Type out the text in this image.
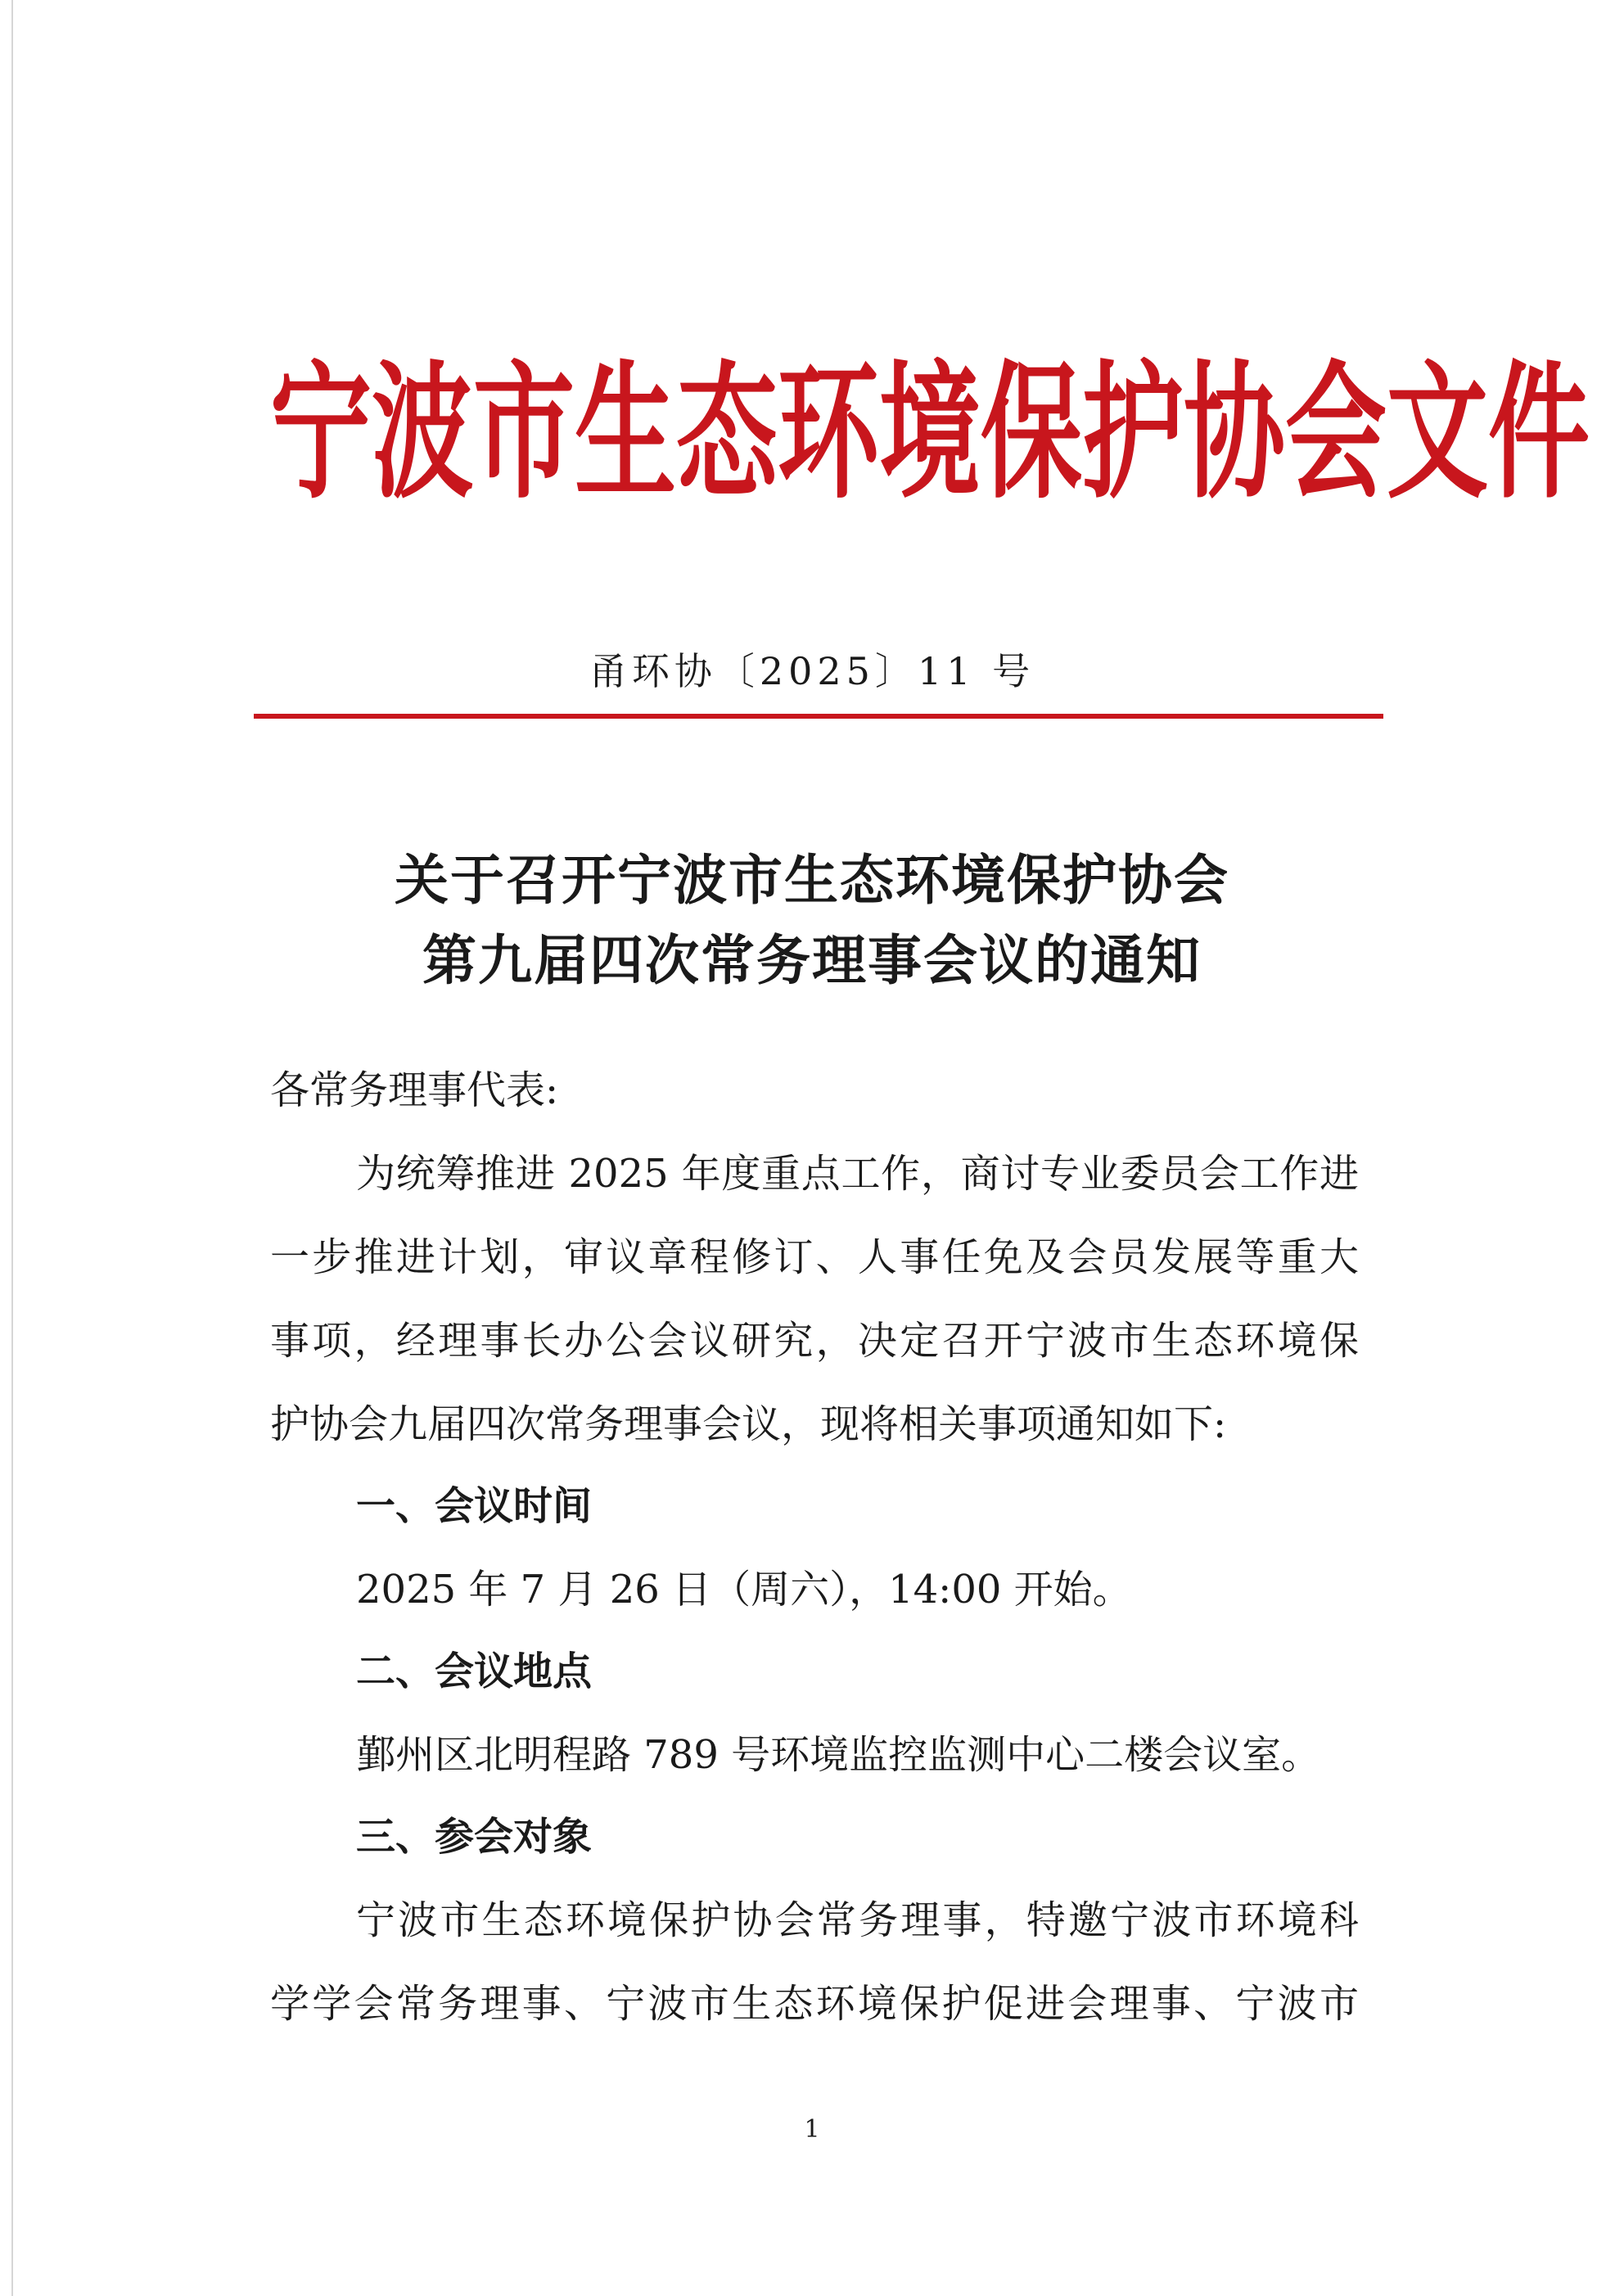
宁波市生态环境保护协会文件
甬环协〔2025〕11 号
关于召开宁波市生态环境保护协会
第九届四次常务理事会议的通知
各常务理事代表:
为统筹推进 2025 年度重点工作，商讨专业委员会工作进
一步推进计划，审议章程修订、人事任免及会员发展等重大
事项，经理事长办公会议研究，决定召开宁波市生态环境保
护协会九届四次常务理事会议，现将相关事项通知如下:
一、会议时间
2025 年 7 月 26 日（周六），14:00 开始。
二、会议地点
鄞州区北明程路 789 号环境监控监测中心二楼会议室。
三、参会对象
宁波市生态环境保护协会常务理事，特邀宁波市环境科
学学会常务理事、宁波市生态环境保护促进会理事、宁波市
1
